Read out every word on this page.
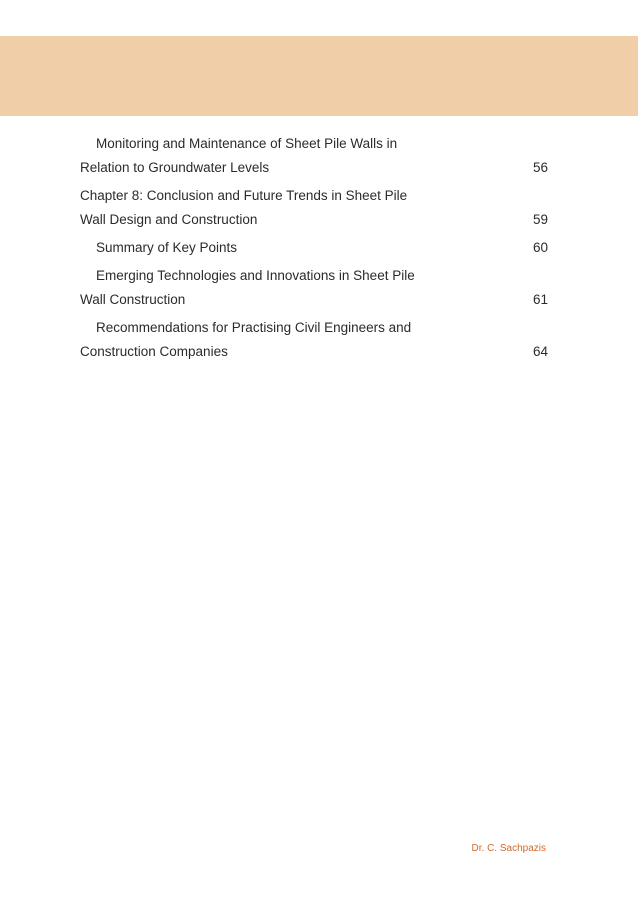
Monitoring and Maintenance of Sheet Pile Walls in
Relation to Groundwater Levels	56
Chapter 8: Conclusion and Future Trends in Sheet Pile
Wall Design and Construction	59
Summary of Key Points	60
Emerging Technologies and Innovations in Sheet Pile
Wall Construction	61
Recommendations for Practising Civil Engineers and
Construction Companies	64
Dr. C. Sachpazis
